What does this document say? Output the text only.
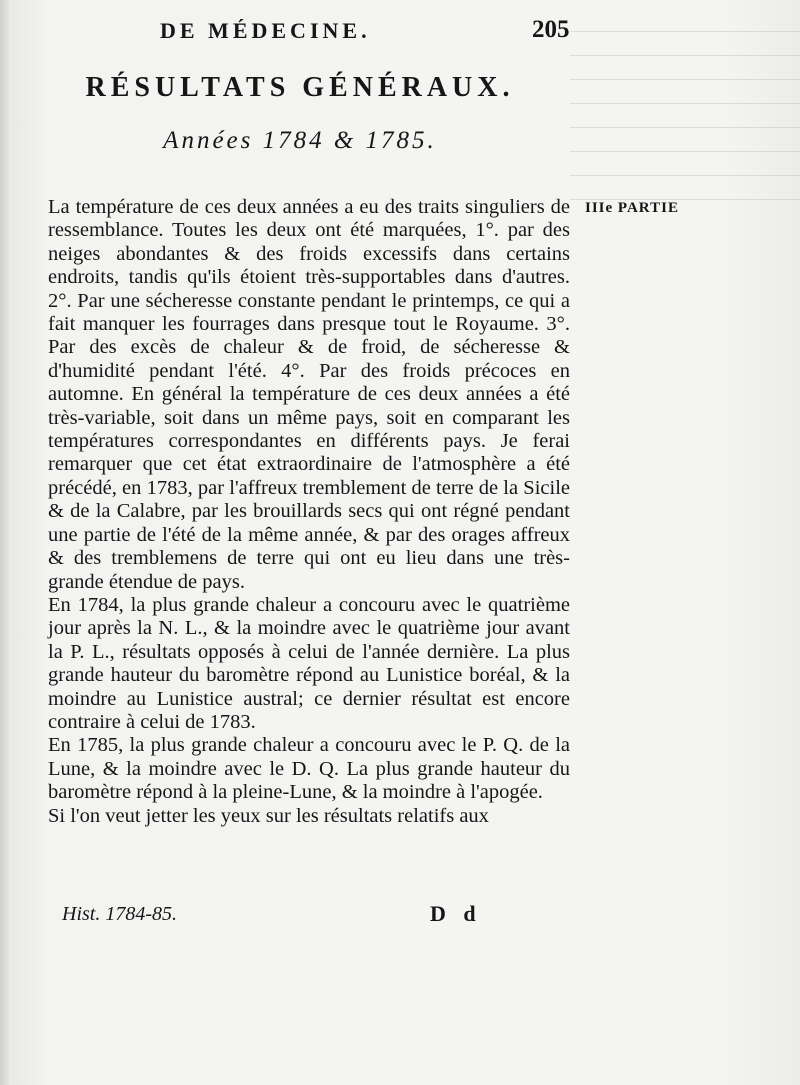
DE MÉDECINE.	205
RÉSULTATS GÉNÉRAUX.
Années 1784 & 1785.
IIIe PARTIE

La température de ces deux années a eu des traits singuliers de ressemblance. Toutes les deux ont été marquées, 1°. par des neiges abondantes & des froids excessifs dans certains endroits, tandis qu'ils étoient très-supportables dans d'autres. 2°. Par une sécheresse constante pendant le printemps, ce qui a fait manquer les fourrages dans presque tout le Royaume. 3°. Par des excès de chaleur & de froid, de sécheresse & d'humidité pendant l'été. 4°. Par des froids précoces en automne. En général la température de ces deux années a été très-variable, soit dans un même pays, soit en comparant les températures correspondantes en différents pays. Je ferai remarquer que cet état extraordinaire de l'atmosphère a été précédé, en 1783, par l'affreux tremblement de terre de la Sicile & de la Calabre, par les brouillards secs qui ont régné pendant une partie de l'été de la même année, & par des orages affreux & des tremblemens de terre qui ont eu lieu dans une très-grande étendue de pays.

En 1784, la plus grande chaleur a concouru avec le quatrième jour après la N. L., & la moindre avec le quatrième jour avant la P. L., résultats opposés à celui de l'année dernière. La plus grande hauteur du baromètre répond au Lunistice boréal, & la moindre au Lunistice austral; ce dernier résultat est encore contraire à celui de 1783.

En 1785, la plus grande chaleur a concouru avec le P. Q. de la Lune, & la moindre avec le D. Q. La plus grande hauteur du baromètre répond à la pleine-Lune, & la moindre à l'apogée.

Si l'on veut jetter les yeux sur les résultats relatifs aux

Hist. 1784-85.	D d
